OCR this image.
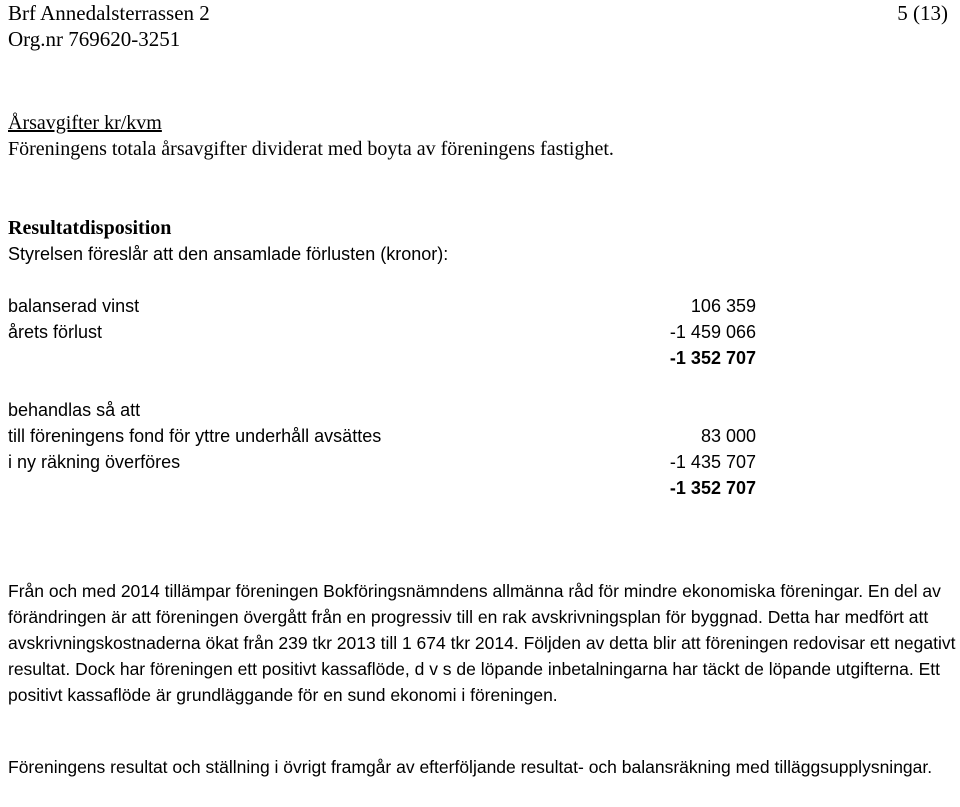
Brf Annedalsterrassen 2
Org.nr 769620-3251
5 (13)
Årsavgifter kr/kvm
Föreningens totala årsavgifter dividerat med boyta av föreningens fastighet.
Resultatdisposition
Styrelsen föreslår att den ansamlade förlusten (kronor):
balanserad vinst	106 359
årets förlust	-1 459 066
-1 352 707
behandlas så att
till föreningens fond för yttre underhåll avsättes	83 000
i ny räkning överföres	-1 435 707
-1 352 707
Från och med 2014 tillämpar föreningen Bokföringsnämndens allmänna råd för mindre ekonomiska föreningar. En del av förändringen är att föreningen övergått från en progressiv till en rak avskrivningsplan för byggnad. Detta har medfört att avskrivningskostnaderna ökat från 239 tkr 2013 till 1 674 tkr 2014. Följden av detta blir att föreningen redovisar ett negativt resultat. Dock har föreningen ett positivt kassaflöde, d v s de löpande inbetalningarna har täckt de löpande utgifterna. Ett positivt kassaflöde är grundläggande för en sund ekonomi i föreningen.
Föreningens resultat och ställning i övrigt framgår av efterföljande resultat- och balansräkning med tilläggsupplysningar.
